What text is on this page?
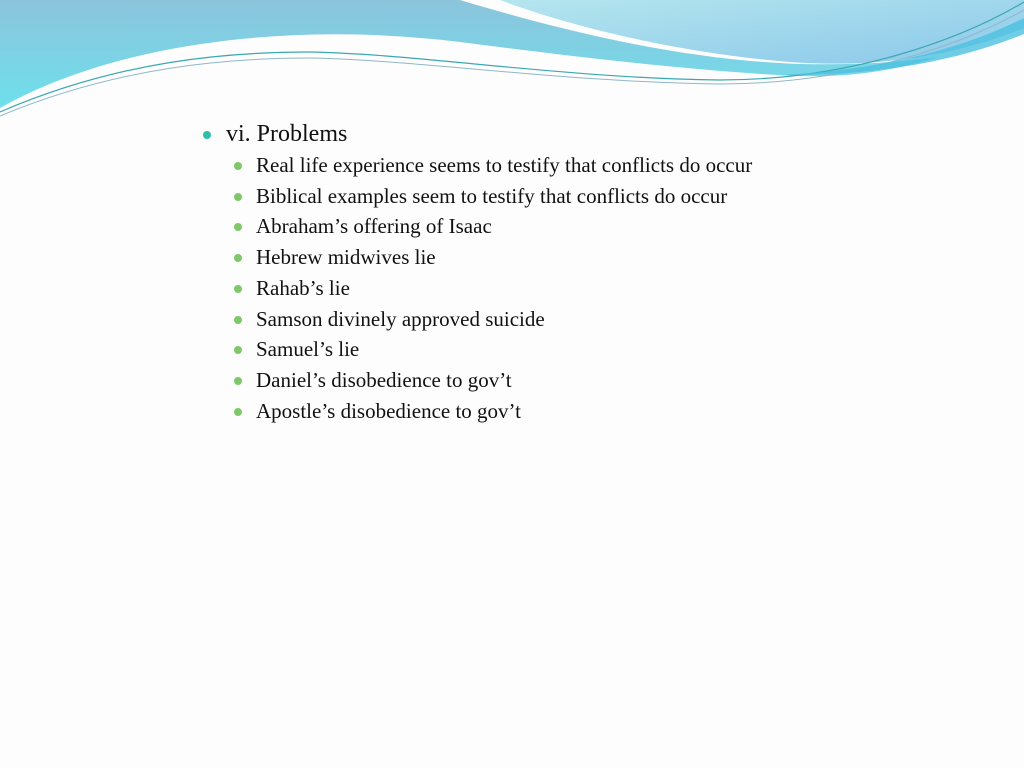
vi. Problems
Real life experience seems to testify that conflicts do occur
Biblical examples seem to testify that conflicts do occur
Abraham’s offering of Isaac
Hebrew midwives lie
Rahab’s lie
Samson divinely approved suicide
Samuel’s lie
Daniel’s disobedience to gov’t
Apostle’s disobedience to gov’t
